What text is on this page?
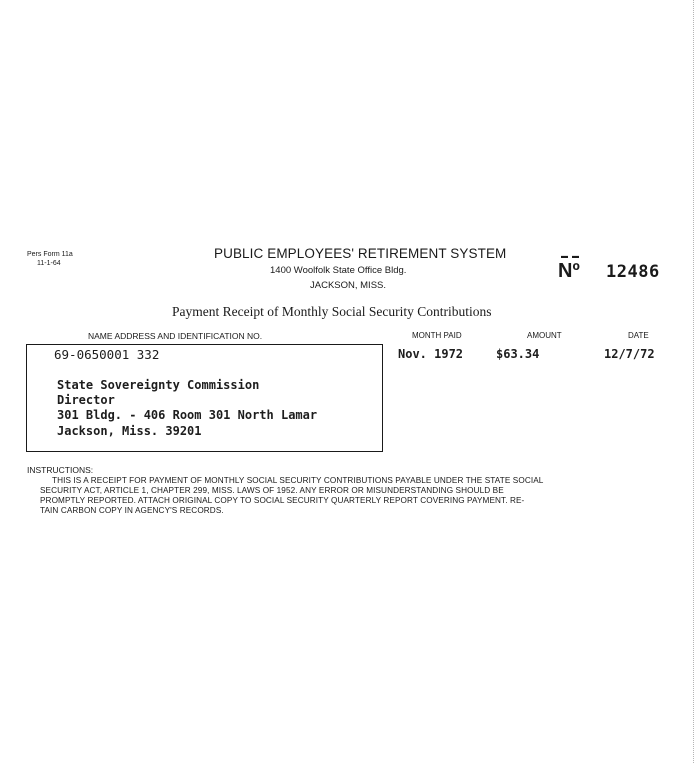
Pers Form 11a
11-1-64
PUBLIC EMPLOYEES' RETIREMENT SYSTEM
1400 Woolfolk State Office Bldg.
JACKSON, MISS.
▬ ▬
Nº 12486
Payment Receipt of Monthly Social Security Contributions
NAME ADDRESS AND IDENTIFICATION NO.	MONTH PAID	AMOUNT	DATE
69-0650001 332
State Sovereignty Commission
Director
301 Bldg. - 406 Room 301 North Lamar
Jackson, Miss. 39201
Nov. 1972	$63.34	12/7/72
INSTRUCTIONS:
THIS IS A RECEIPT FOR PAYMENT OF MONTHLY SOCIAL SECURITY CONTRIBUTIONS PAYABLE UNDER THE STATE SOCIAL
SECURITY ACT, ARTICLE 1, CHAPTER 299, MISS. LAWS OF 1952. ANY ERROR OR MISUNDERSTANDING SHOULD BE
PROMPTLY REPORTED. ATTACH ORIGINAL COPY TO SOCIAL SECURITY QUARTERLY REPORT COVERING PAYMENT. RE-
TAIN CARBON COPY IN AGENCY'S RECORDS.
